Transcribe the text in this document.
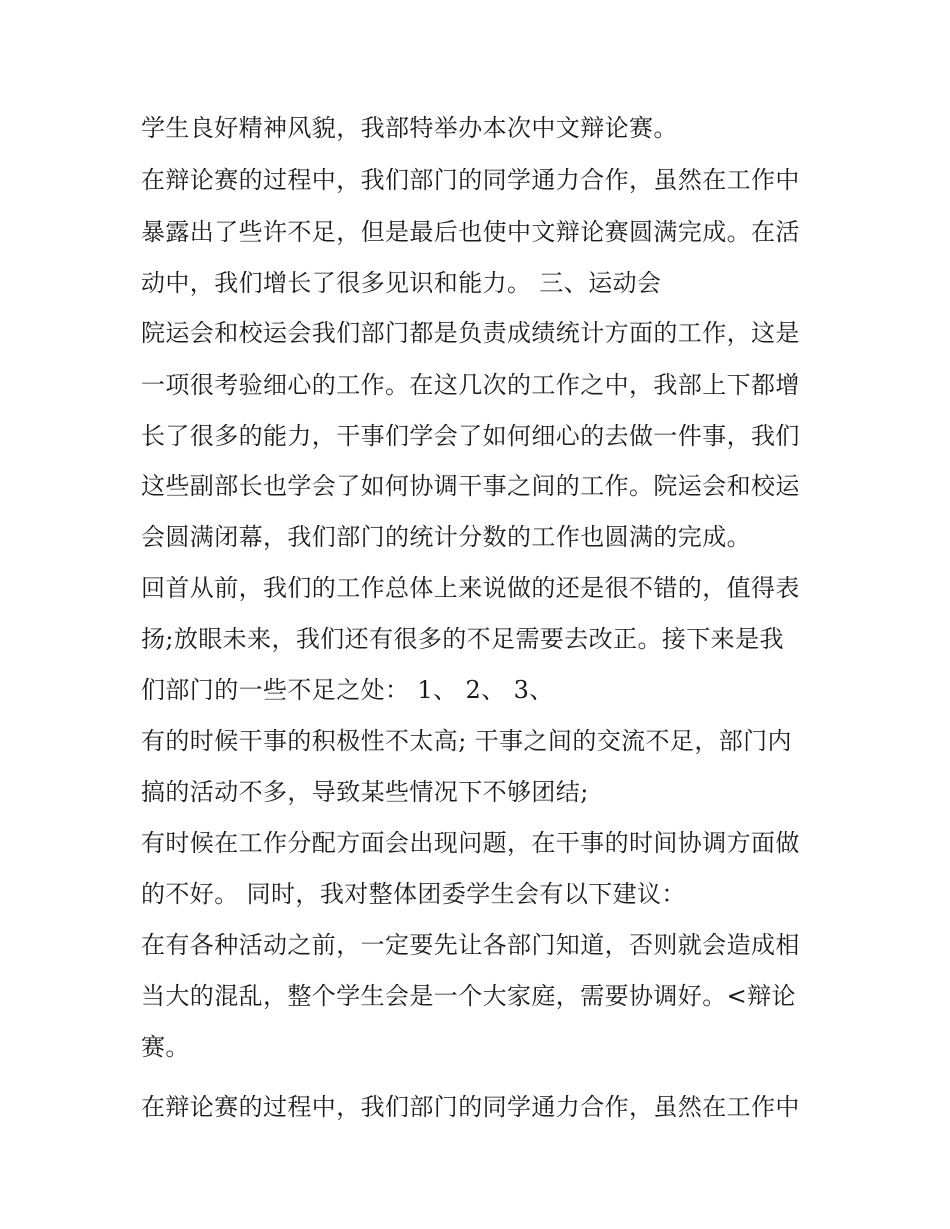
学生良好精神风貌，我部特举办本次中文辩论赛。
在辩论赛的过程中，我们部门的同学通力合作，虽然在工作中
暴露出了些许不足，但是最后也使中文辩论赛圆满完成。在活
动中，我们增长了很多见识和能力。 三、运动会
院运会和校运会我们部门都是负责成绩统计方面的工作，这是
一项很考验细心的工作。在这几次的工作之中，我部上下都增
长了很多的能力，干事们学会了如何细心的去做一件事，我们
这些副部长也学会了如何协调干事之间的工作。院运会和校运
会圆满闭幕，我们部门的统计分数的工作也圆满的完成。
回首从前，我们的工作总体上来说做的还是很不错的，值得表
扬;放眼未来，我们还有很多的不足需要去改正。接下来是我
们部门的一些不足之处： 1、 2、 3、
有的时候干事的积极性不太高; 干事之间的交流不足，部门内
搞的活动不多，导致某些情况下不够团结;
有时候在工作分配方面会出现问题，在干事的时间协调方面做
的不好。 同时，我对整体团委学生会有以下建议：
在有各种活动之前，一定要先让各部门知道，否则就会造成相
当大的混乱，整个学生会是一个大家庭，需要协调好。<辩论
赛。
在辩论赛的过程中，我们部门的同学通力合作，虽然在工作中
